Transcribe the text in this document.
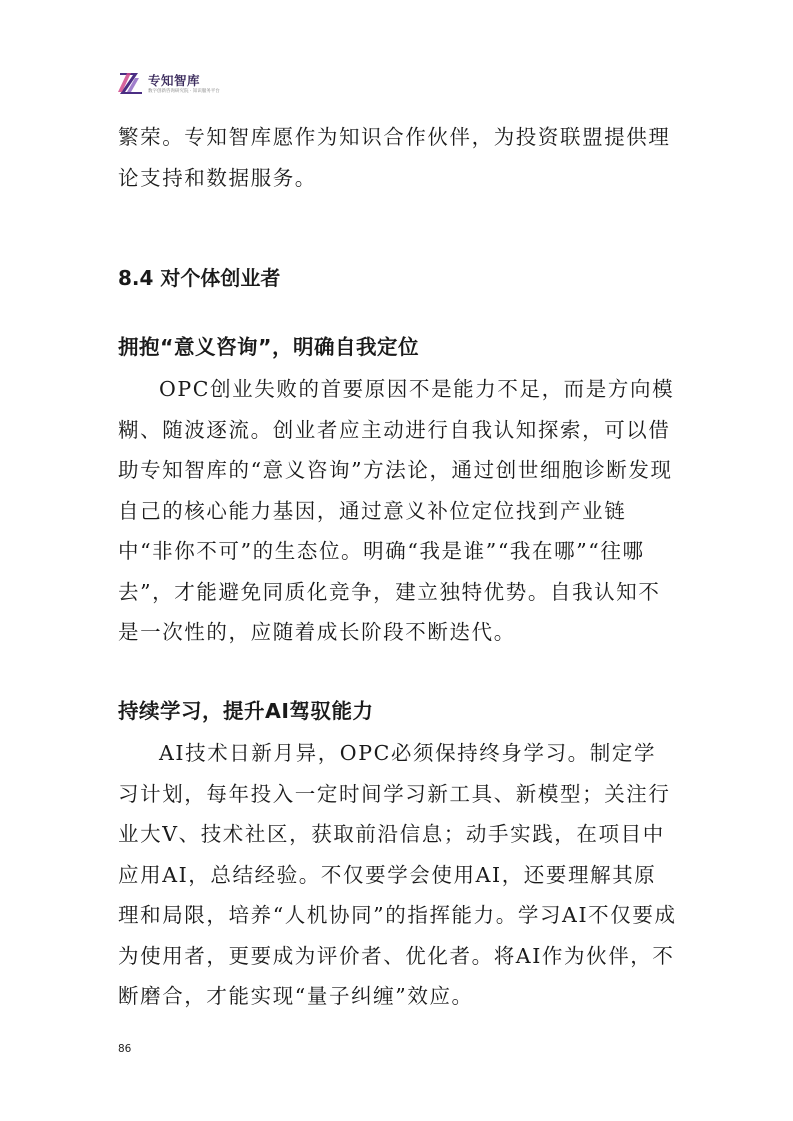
专知智库
数字创新咨询研究院 · 知识服务平台

繁荣。专知智库愿作为知识合作伙伴，为投资联盟提供理论支持和数据服务。

8.4 对个体创业者
拥抱“意义咨询”，明确自我定位

OPC创业失败的首要原因不是能力不足，而是方向模糊、随波逐流。创业者应主动进行自我认知探索，可以借助专知智库的“意义咨询”方法论，通过创世细胞诊断发现自己的核心能力基因，通过意义补位定位找到产业链中“非你不可”的生态位。明确“我是谁”“我在哪”“往哪去”，才能避免同质化竞争，建立独特优势。自我认知不是一次性的，应随着成长阶段不断迭代。

持续学习，提升AI驾驭能力

AI技术日新月异，OPC必须保持终身学习。制定学习计划，每年投入一定时间学习新工具、新模型；关注行业大V、技术社区，获取前沿信息；动手实践，在项目中应用AI，总结经验。不仅要学会使用AI，还要理解其原理和局限，培养“人机协同”的指挥能力。学习AI不仅要成为使用者，更要成为评价者、优化者。将AI作为伙伴，不断磨合，才能实现“量子纠缠”效应。

86
